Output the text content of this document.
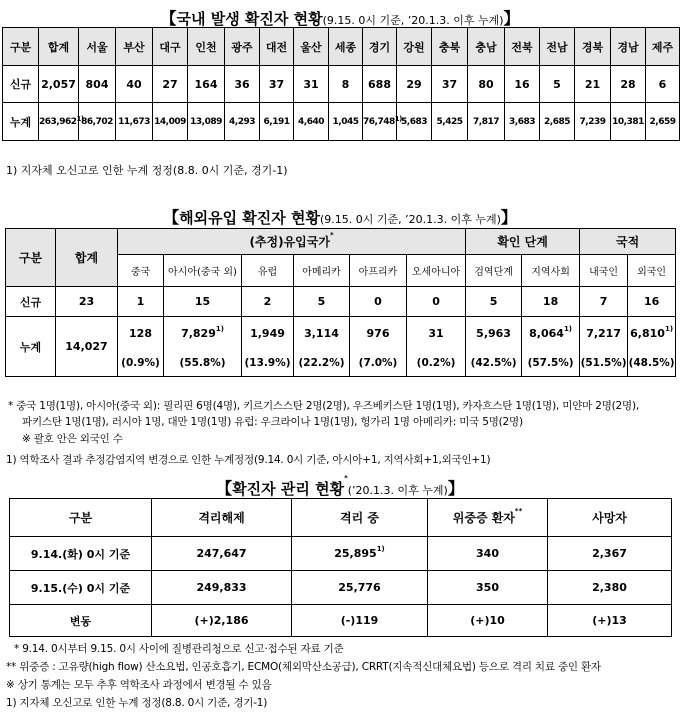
【국내 발생 확진자 현황(9.15. 0시 기준, ’20.1.3. 이후 누계)】
구분	합계	서울	부산	대구	인천	광주	대전	울산	세종	경기	강원	충북	충남	전북	전남	경북	경남	제주
신규	2,057	804	40	27	164	36	37	31	8	688	29	37	80	16	5	21	28	6
누계	263,962$^{1)}$	86,702	11,673	14,009	13,089	4,293	6,191	4,640	1,045	76,748$^{1)}$	5,683	5,425	7,817	3,683	2,685	7,239	10,381	2,659
1) 지자체 오신고로 인한 누계 정정(8.8. 0시 기준, 경기-1)
【해외유입 확진자 현황(9.15. 0시 기준, ’20.1.3. 이후 누계)】
구분	합계	(추정)유입국가*						확인 단계		국적	
		중국	아시아(중국 외)	유럽	아메리카	아프리카	오세아니아	검역단계	지역사회	내국인	외국인
신규	23	1	15	2	5	0	0	5	18	7	16
누계	14,027	128	7,829$^{1)}$	1,949	3,114	976	31	5,963	8,064$^{1)}$	7,217	6,810$^{1)}$
		(0.9%)	(55.8%)	(13.9%)	(22.2%)	(7.0%)	(0.2%)	(42.5%)	(57.5%)	(51.5%)	(48.5%)
* 중국 1명(1명), 아시아(중국 외): 필리핀 6명(4명), 키르기스스탄 2명(2명), 우즈베키스탄 1명(1명), 카자흐스탄 1명(1명), 미얀마 2명(2명),
파키스탄 1명(1명), 러시아 1명, 대만 1명(1명) 유럽: 우크라이나 1명(1명), 헝가리 1명 아메리카: 미국 5명(2명)
※ 괄호 안은 외국인 수
1) 역학조사 결과 추정감염지역 변경으로 인한 누계정정(9.14. 0시 기준, 아시아+1, 지역사회+1,외국인+1)
【확진자 관리 현황*(’20.1.3. 이후 누계)】
구분	격리해제	격리 중	위중증 환자**	사망자
9.14.(화) 0시 기준	247,647	25,895$^{1)}$	340	2,367
9.15.(수) 0시 기준	249,833	25,776	350	2,380
변동	(+)2,186	(-)119	(+)10	(+)13
* 9.14. 0시부터 9.15. 0시 사이에 질병관리청으로 신고·접수된 자료 기준
** 위중증 : 고유량(high flow) 산소요법, 인공호흡기, ECMO(체외막산소공급), CRRT(지속적신대체요법) 등으로 격리 치료 중인 환자
※ 상기 통계는 모두 추후 역학조사 과정에서 변경될 수 있음
1) 지자체 오신고로 인한 누계 정정(8.8. 0시 기준, 경기-1)
